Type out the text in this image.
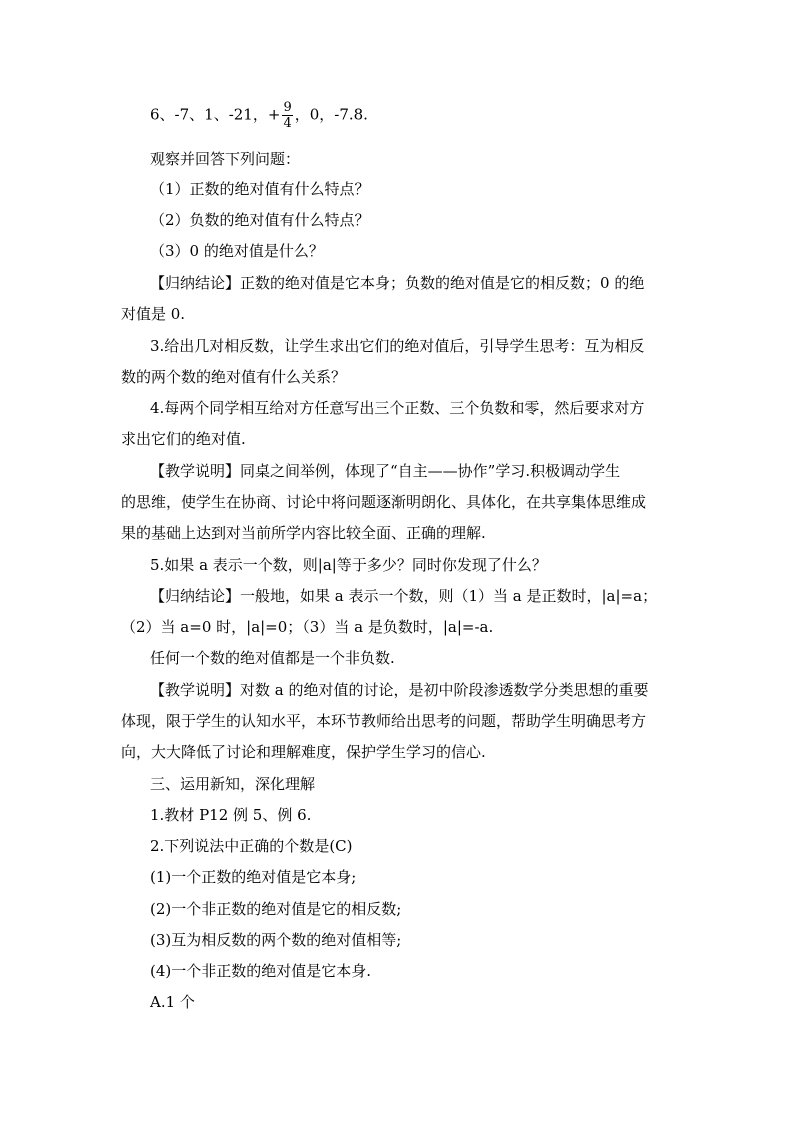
6、-7、1、-21，+ $\frac{9}{4}$ ，0，-7.8.
观察并回答下列问题：
（1）正数的绝对值有什么特点？
（2）负数的绝对值有什么特点？
（3）0 的绝对值是什么？
【归纳结论】正数的绝对值是它本身；负数的绝对值是它的相反数；0 的绝
对值是 0.
3.给出几对相反数，让学生求出它们的绝对值后，引导学生思考：互为相反
数的两个数的绝对值有什么关系？
4.每两个同学相互给对方任意写出三个正数、三个负数和零，然后要求对方
求出它们的绝对值.
【教学说明】同桌之间举例，体现了“自主——协作”学习.积极调动学生
的思维，使学生在协商、讨论中将问题逐渐明朗化、具体化，在共享集体思维成
果的基础上达到对当前所学内容比较全面、正确的理解.
5.如果 a 表示一个数，则|a|等于多少？同时你发现了什么？
【归纳结论】一般地，如果 a 表示一个数，则（1）当 a 是正数时，|a|=a；
（2）当 a=0 时，|a|=0；（3）当 a 是负数时，|a|=-a.
任何一个数的绝对值都是一个非负数.
【教学说明】对数 a 的绝对值的讨论，是初中阶段渗透数学分类思想的重要
体现，限于学生的认知水平，本环节教师给出思考的问题，帮助学生明确思考方
向，大大降低了讨论和理解难度，保护学生学习的信心.
三、运用新知，深化理解
1.教材 P12 例 5、例 6.
2.下列说法中正确的个数是(C)
(1)一个正数的绝对值是它本身;
(2)一个非正数的绝对值是它的相反数;
(3)互为相反数的两个数的绝对值相等;
(4)一个非正数的绝对值是它本身.
A.1 个
